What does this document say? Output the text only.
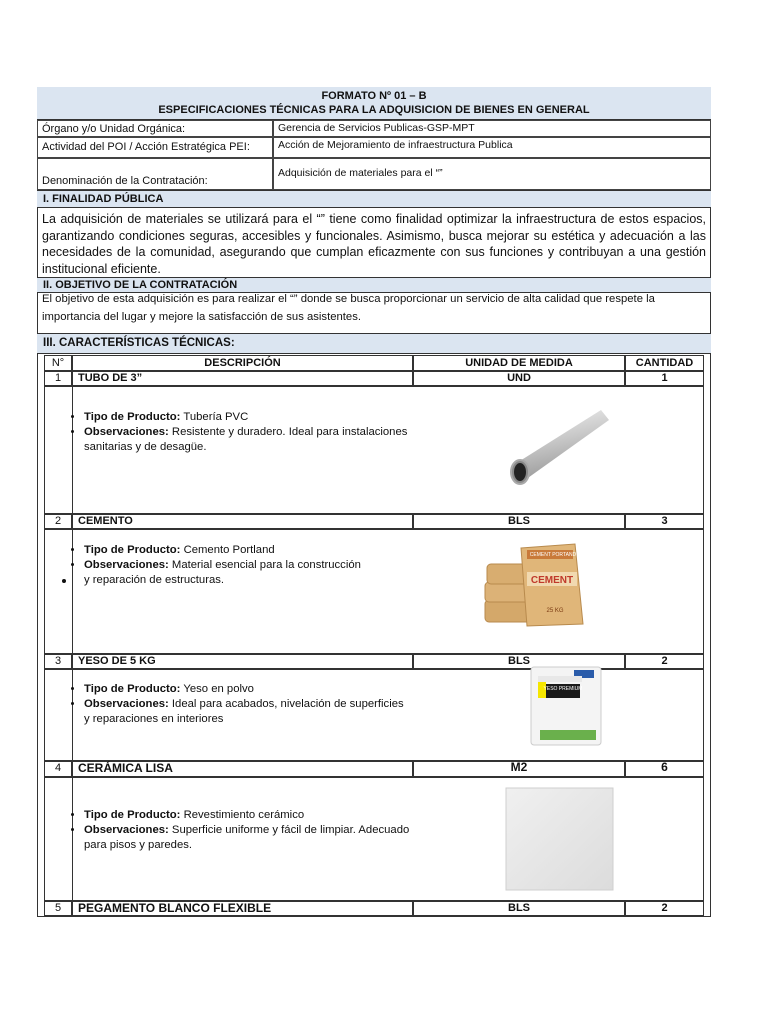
FORMATO Nº 01 – B
ESPECIFICACIONES TÉCNICAS PARA LA ADQUISICION DE BIENES EN GENERAL
Órgano y/o Unidad Orgánica:	Gerencia de Servicios Publicas-GSP-MPT
Actividad del POI / Acción Estratégica PEI:	Acción de Mejoramiento de infraestructura Publica
Denominación de la Contratación:
Adquisición de materiales para el “”
I. FINALIDAD PÚBLICA
La adquisición de materiales se utilizará para el “” tiene como finalidad optimizar la infraestructura de estos espacios, garantizando condiciones seguras, accesibles y funcionales. Asimismo, busca mejorar su estética y adecuación a las necesidades de la comunidad, asegurando que cumplan eficazmente con sus funciones y contribuyan a una gestión institucional eficiente.
II. OBJETIVO DE LA CONTRATACIÓN
El objetivo de esta adquisición es para realizar el “” donde se busca proporcionar un servicio de alta calidad que respete la importancia del lugar y mejore la satisfacción de sus asistentes.
III. CARACTERÍSTICAS TÉCNICAS:
N°	DESCRIPCIÓN	UNIDAD DE MEDIDA	CANTIDAD
1	TUBO DE 3”	UND	1
• Tipo de Producto: Tubería PVC
• Observaciones: Resistente y duradero. Ideal para instalaciones sanitarias y de desagüe.
2	CEMENTO	BLS	3
• Tipo de Producto: Cemento Portland
• Observaciones: Material esencial para la construcción y reparación de estructuras.
CEMENT PORTAND
CEMENT
25 KG
3	YESO DE 5 KG	BLS	2
• Tipo de Producto: Yeso en polvo
• Observaciones: Ideal para acabados, nivelación de superficies y reparaciones en interiores
YESO PREMIUM
4	CERÁMICA LISA	M2	6
• Tipo de Producto: Revestimiento cerámico
• Observaciones: Superficie uniforme y fácil de limpiar. Adecuado para pisos y paredes.
5	PEGAMENTO BLANCO FLEXIBLE	BLS	2
